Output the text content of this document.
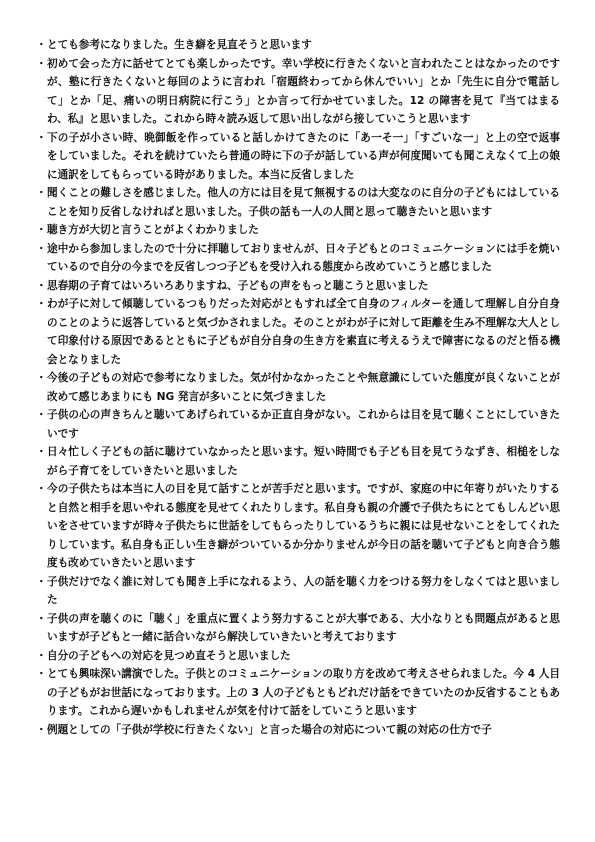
・ とても参考になりました。生き癖を見直そうと思います

・ 初めて会った方に話せてとても楽しかったです。幸い学校に行きたくないと言われたことはなかったのですが、塾に行きたくないと毎回のように言われ「宿題終わってから休んでいい」とか「先生に自分で電話して」とか「足、痛いの明日病院に行こう」とか言って行かせていました。12 の障害を見て『当てはまるわ、私』と思いました。これから時々読み返して思い出しながら接していこうと思います

・ 下の子が小さい時、晩御飯を作っていると話しかけてきたのに「あ一そ一」「すごいな一」と上の空で返事をしていました。それを続けていたら普通の時に下の子が話している声が何度聞いても聞こえなくて上の娘に通訳をしてもらっている時がありました。本当に反省しました

・ 聞くことの難しさを感じました。他人の方には目を見て無視するのは大変なのに自分の子どもにはしていることを知り反省しなければと思いました。子供の話も一人の人間と思って聴きたいと思います

・ 聴き方が大切と言うことがよくわかりました

・ 途中から参加しましたので十分に拝聴しておりませんが、日々子どもとのコミュニケーションには手を焼いているので自分の今までを反省しつつ子どもを受け入れる態度から改めていこうと感じました

・ 思春期の子育てはいろいろありますね、子どもの声をもっと聴こうと思いました

・ わが子に対して傾聴しているつもりだった対応がともすれば全て自身のフィルターを通して理解し自分自身のことのように返答していると気づかされました。そのことがわが子に対して距離を生み不理解な大人として印象付ける原因であるとともに子どもが自分自身の生き方を素直に考えるうえで障害になるのだと悟る機会となりました

・ 今後の子どもの対応で参考になりました。気が付かなかったことや無意識にしていた態度が良くないことが改めて感じあまりにも NG 発言が多いことに気づきました

・ 子供の心の声きちんと聴いてあげられているか正直自身がない。これからは目を見て聴くことにしていきたいです

・ 日々忙しく子どもの話に聴けていなかったと思います。短い時間でも子ども目を見てうなずき、相槌をしながら子育てをしていきたいと思いました

・ 今の子供たちは本当に人の目を見て話すことが苦手だと思います。ですが、家庭の中に年寄りがいたりすると自然と相手を思いやれる態度を見せてくれたりします。私自身も親の介護で子供たちにとてもしんどい思いをさせていますが時々子供たちに世話をしてもらったりしているうちに親には見せないことをしてくれたりしています。私自身も正しい生き癖がついているか分かりませんが今日の話を聴いて子どもと向き合う態度も改めていきたいと思います

・ 子供だけでなく誰に対しても聞き上手になれるよう、人の話を聴く力をつける努力をしなくてはと思いました

・ 子供の声を聴くのに「聴く」を重点に置くよう努力することが大事である、大小なりとも問題点があると思いますが子どもと一緒に話合いながら解決していきたいと考えております

・ 自分の子どもへの対応を見つめ直そうと思いました

・ とても興味深い講演でした。子供とのコミュニケーションの取り方を改めて考えさせられました。今 4 人目の子どもがお世話になっております。上の 3 人の子どもともどれだけ話をできていたのか反省することもあります。これから遅いかもしれませんが気を付けて話をしていこうと思います

・ 例題としての「子供が学校に行きたくない」と言った場合の対応について親の対応の仕方で子
